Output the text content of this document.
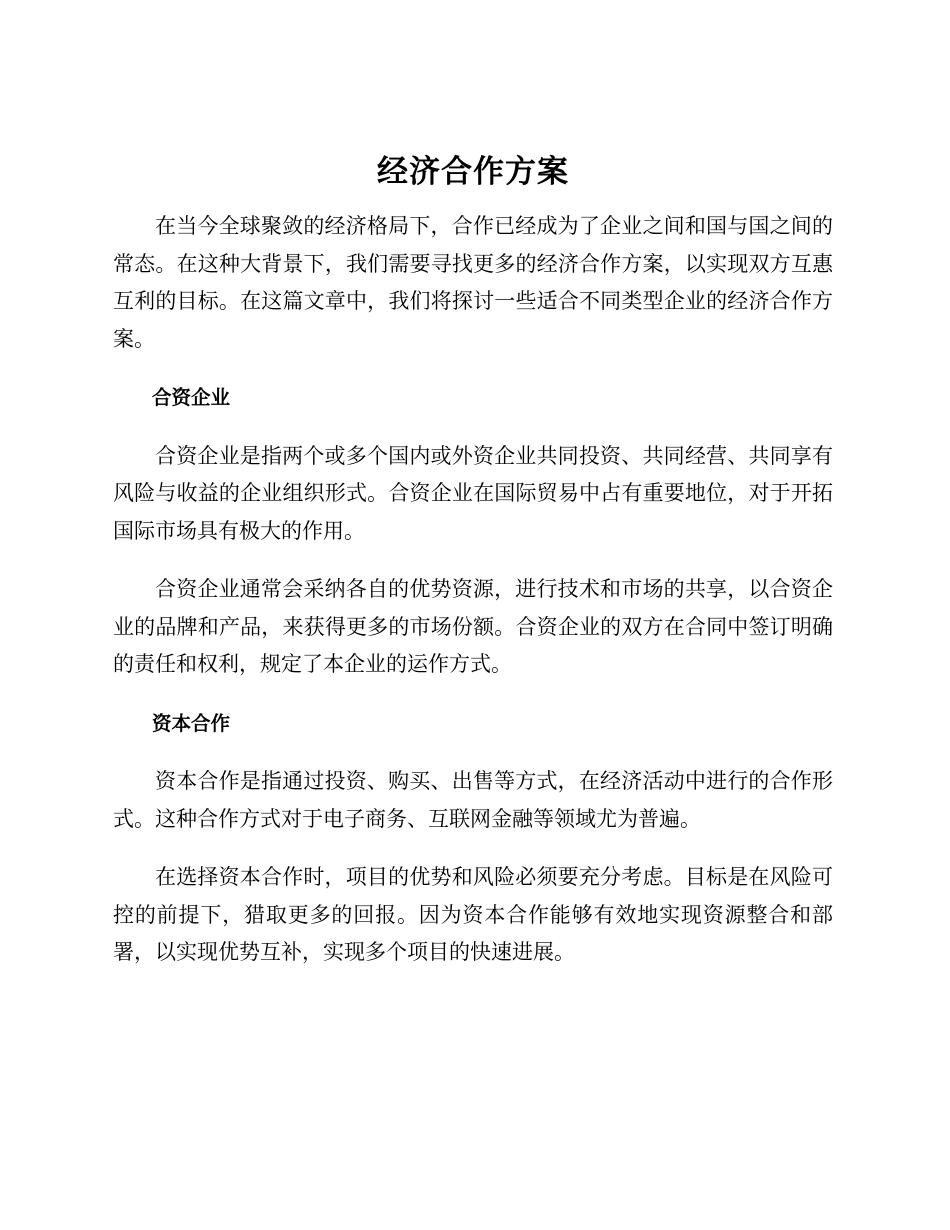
经济合作方案

在当今全球聚敛的经济格局下，合作已经成为了企业之间和国与国之间的常态。在这种大背景下，我们需要寻找更多的经济合作方案，以实现双方互惠互利的目标。在这篇文章中，我们将探讨一些适合不同类型企业的经济合作方案。

合资企业

合资企业是指两个或多个国内或外资企业共同投资、共同经营、共同享有风险与收益的企业组织形式。合资企业在国际贸易中占有重要地位，对于开拓国际市场具有极大的作用。

合资企业通常会采纳各自的优势资源，进行技术和市场的共享，以合资企业的品牌和产品，来获得更多的市场份额。合资企业的双方在合同中签订明确的责任和权利，规定了本企业的运作方式。

资本合作

资本合作是指通过投资、购买、出售等方式，在经济活动中进行的合作形式。这种合作方式对于电子商务、互联网金融等领域尤为普遍。

在选择资本合作时，项目的优势和风险必须要充分考虑。目标是在风险可控的前提下，猎取更多的回报。因为资本合作能够有效地实现资源整合和部署，以实现优势互补，实现多个项目的快速进展。
